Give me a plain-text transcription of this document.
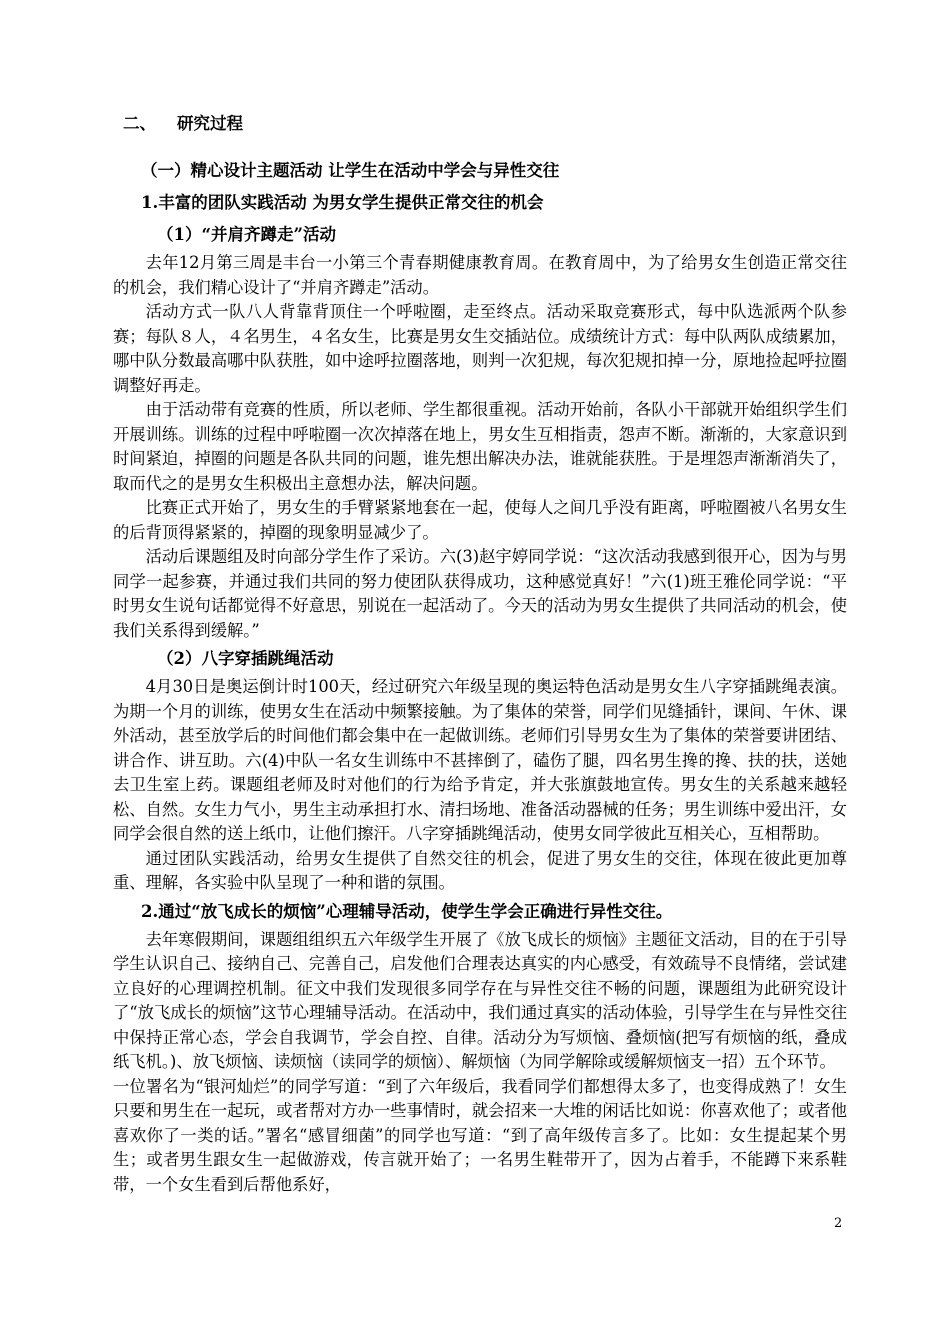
二、 研究过程
（一）精心设计主题活动 让学生在活动中学会与异性交往
1.丰富的团队实践活动 为男女学生提供正常交往的机会
（1）“并肩齐蹲走”活动

去年12月第三周是丰台一小第三个青春期健康教育周。在教育周中，为了给男女生创造正常交往的机会，我们精心设计了“并肩齐蹲走”活动。

活动方式一队八人背靠背顶住一个呼啦圈，走至终点。活动采取竞赛形式，每中队选派两个队参赛；每队８人，４名男生，４名女生，比赛是男女生交插站位。成绩统计方式：每中队两队成绩累加，哪中队分数最高哪中队获胜，如中途呼拉圈落地，则判一次犯规，每次犯规扣掉一分，原地捡起呼拉圈调整好再走。

由于活动带有竞赛的性质，所以老师、学生都很重视。活动开始前，各队小干部就开始组织学生们开展训练。训练的过程中呼啦圈一次次掉落在地上，男女生互相指责，怨声不断。渐渐的，大家意识到时间紧迫，掉圈的问题是各队共同的问题，谁先想出解决办法，谁就能获胜。于是埋怨声渐渐消失了，取而代之的是男女生积极出主意想办法，解决问题。

比赛正式开始了，男女生的手臂紧紧地套在一起，使每人之间几乎没有距离，呼啦圈被八名男女生的后背顶得紧紧的，掉圈的现象明显减少了。

活动后课题组及时向部分学生作了采访。六(3)赵宇婷同学说：“这次活动我感到很开心，因为与男同学一起参赛，并通过我们共同的努力使团队获得成功，这种感觉真好！”六(1)班王雅伦同学说：“平时男女生说句话都觉得不好意思，别说在一起活动了。今天的活动为男女生提供了共同活动的机会，使我们关系得到缓解。”

（2）八字穿插跳绳活动

4月30日是奥运倒计时100天，经过研究六年级呈现的奥运特色活动是男女生八字穿插跳绳表演。为期一个月的训练，使男女生在活动中频繁接触。为了集体的荣誉，同学们见缝插针，课间、午休、课外活动，甚至放学后的时间他们都会集中在一起做训练。老师们引导男女生为了集体的荣誉要讲团结、讲合作、讲互助。六(4)中队一名女生训练中不甚摔倒了，磕伤了腿，四名男生搀的搀、扶的扶，送她去卫生室上药。课题组老师及时对他们的行为给予肯定，并大张旗鼓地宣传。男女生的关系越来越轻松、自然。女生力气小，男生主动承担打水、清扫场地、准备活动器械的任务；男生训练中爱出汗，女同学会很自然的送上纸巾，让他们擦汗。八字穿插跳绳活动，使男女同学彼此互相关心，互相帮助。

通过团队实践活动，给男女生提供了自然交往的机会，促进了男女生的交往，体现在彼此更加尊重、理解，各实验中队呈现了一种和谐的氛围。

2.通过“放飞成长的烦恼”心理辅导活动，使学生学会正确进行异性交往。

去年寒假期间，课题组组织五六年级学生开展了《放飞成长的烦恼》主题征文活动，目的在于引导学生认识自己、接纳自己、完善自己，启发他们合理表达真实的内心感受，有效疏导不良情绪，尝试建立良好的心理调控机制。征文中我们发现很多同学存在与异性交往不畅的问题，课题组为此研究设计了“放飞成长的烦恼”这节心理辅导活动。在活动中，我们通过真实的活动体验，引导学生在与异性交往中保持正常心态，学会自我调节，学会自控、自律。活动分为写烦恼、叠烦恼(把写有烦恼的纸，叠成纸飞机。)、放飞烦恼、读烦恼（读同学的烦恼）、解烦恼（为同学解除或缓解烦恼支一招）五个环节。

一位署名为“银河灿烂”的同学写道：“到了六年级后，我看同学们都想得太多了，也变得成熟了！女生只要和男生在一起玩，或者帮对方办一些事情时，就会招来一大堆的闲话比如说：你喜欢他了；或者他喜欢你了一类的话。”署名“感冒细菌”的同学也写道：“到了高年级传言多了。比如：女生提起某个男生；或者男生跟女生一起做游戏，传言就开始了；一名男生鞋带开了，因为占着手，不能蹲下来系鞋带，一个女生看到后帮他系好，

2
